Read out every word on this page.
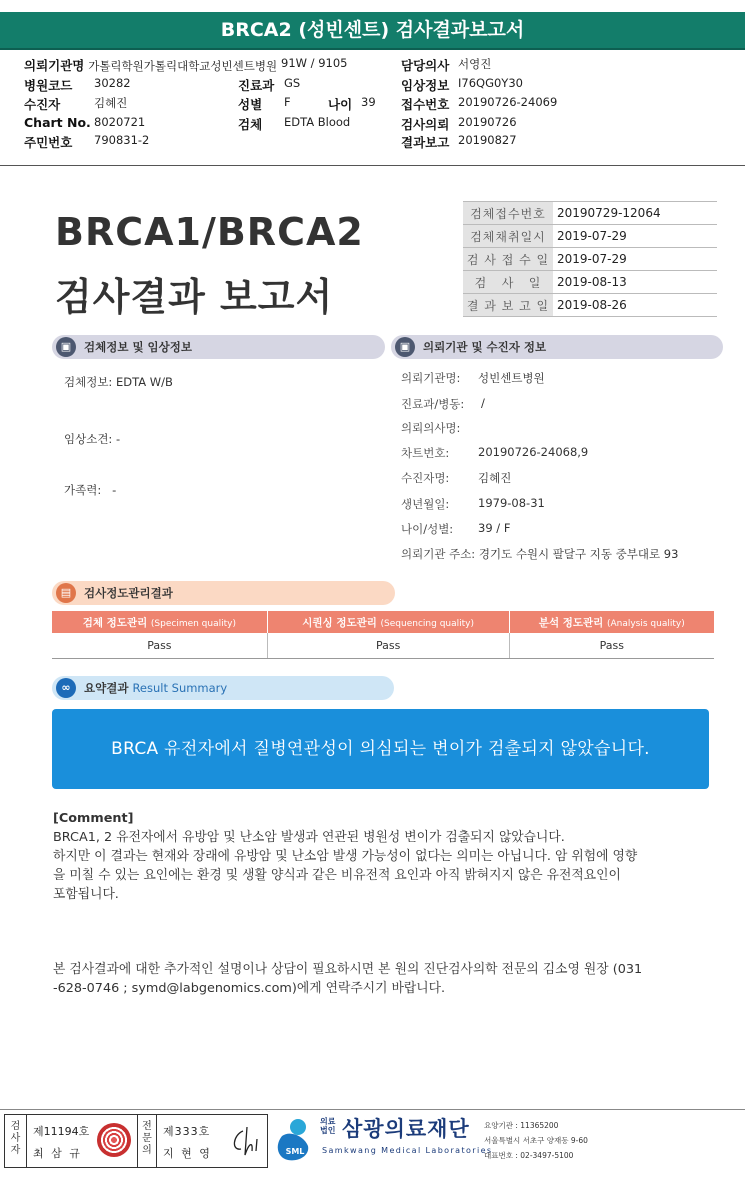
BRCA2 (성빈센트) 검사결과보고서
의뢰기관명 가톨릭학원가톨릭대학교성빈센트병원 91W / 9105
병원코드 30282
수진자	김혜진
Chart No. 8020721
주민번호 790831-2
진료과 GS
성별 F	나이 39
검체 EDTA Blood
담당의사 서영진
임상정보 I76QG0Y30
접수번호 20190726-24069
검사의뢰 20190726
결과보고 20190827
BRCA1/BRCA2
검사결과 보고서
검체접수번호	20190729-12064
검체채취일시	2019-07-29
검 사 접 수 일	2019-07-29
검   사   일	2019-08-13
결 과 보 고 일	2019-08-26
▣	검체정보 및 임상정보
검체정보: EDTA W/B
임상소견: -
가족력:   -
▣	의뢰기관 및 수진자 정보
의뢰기관명: 성빈센트병원
진료과/병동: /
의뢰의사명:
차트번호: 20190726-24068,9
수진자명: 김혜진
생년월일: 1979-08-31
나이/성별: 39 / F
의뢰기관 주소: 경기도 수원시 팔달구 지동 중부대로 93
▤	검사정도관리결과
검체 정도관리 (Specimen quality)	시퀀싱 정도관리 (Sequencing quality)	분석 정도관리 (Analysis quality)
Pass	Pass	Pass
∞	요약결과 Result Summary
BRCA 유전자에서 질병연관성이 의심되는 변이가 검출되지 않았습니다.
[Comment]
BRCA1, 2 유전자에서 유방암 및 난소암 발생과 연관된 병원성 변이가 검출되지 않았습니다.
하지만 이 결과는 현재와 장래에 유방암 및 난소암 발생 가능성이 없다는 의미는 아닙니다. 암 위험에 영향
을 미칠 수 있는 요인에는 환경 및 생활 양식과 같은 비유전적 요인과 아직 밝혀지지 않은 유전적요인이
포함됩니다.
본 검사결과에 대한 추가적인 설명이나 상담이 필요하시면 본 원의 진단검사의학 전문의 김소영 원장 (031
-628-0746 ; symd@labgenomics.com)에게 연락주시기 바랍니다.
검
사
자
제11194호
최 삼 규
전
문
의
제333호
지 현 영	SML
의료
법인 삼광의료재단
Samkwang Medical Laboratories
요양기관 : 11365200
서울특별시 서초구 양재동 9-60
대표번호 : 02-3497-5100
